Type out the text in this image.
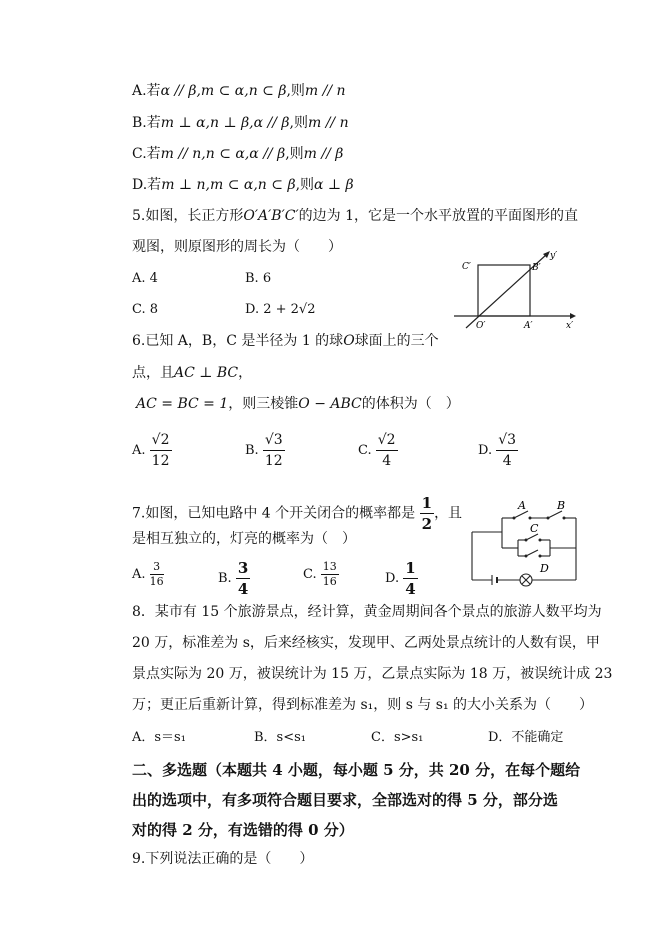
A.若α // β,m ⊂ α,n ⊂ β,则m // n
B.若m ⊥ α,n ⊥ β,α // β,则m // n
C.若m // n,n ⊂ α,α // β,则m // β
D.若m ⊥ n,m ⊂ α,n ⊂ β,则α ⊥ β
5.如图，长正方形O′A′B′C′的边为 1，它是一个水平放置的平面图形的直
观图，则原图形的周长为（　　）
A. 4	B. 6
C. 8	D. 2 + 2√2
C′	B′
O′	A′	x′
y′
6.已知 A，B，C 是半径为 1 的球O球面上的三个
点，且AC ⊥ BC，
AC = BC = 1，则三棱锥O − ABC的体积为（　）
A. $\frac{√2}{12}$	B. $\frac{√3}{12}$	C. $\frac{√2}{4}$	D. $\frac{√3}{4}$
7.如图，已知电路中 4 个开关闭合的概率都是 $\frac{1}{2}$ ，且
是相互独立的，灯亮的概率为（　）
A. $\frac{3}{16}$	B. $\frac{3}{4}$	C. $\frac{13}{16}$	D. $\frac{1}{4}$
A	B
C
D
8．某市有 15 个旅游景点，经计算，黄金周期间各个景点的旅游人数平均为
20 万，标准差为 s，后来经核实，发现甲、乙两处景点统计的人数有误，甲
景点实际为 20 万，被误统计为 15 万，乙景点实际为 18 万，被误统计成 23
万；更正后重新计算，得到标准差为 s₁，则 s 与 s₁ 的大小关系为（　　）
A．s＝s₁	B．s<s₁	C．s>s₁	D．不能确定
二、多选题（本题共 4 小题，每小题 5 分，共 20 分，在每个题给
出的选项中，有多项符合题目要求，全部选对的得 5 分，部分选
对的得 2 分，有选错的得 0 分）
9.下列说法正确的是（　　）
